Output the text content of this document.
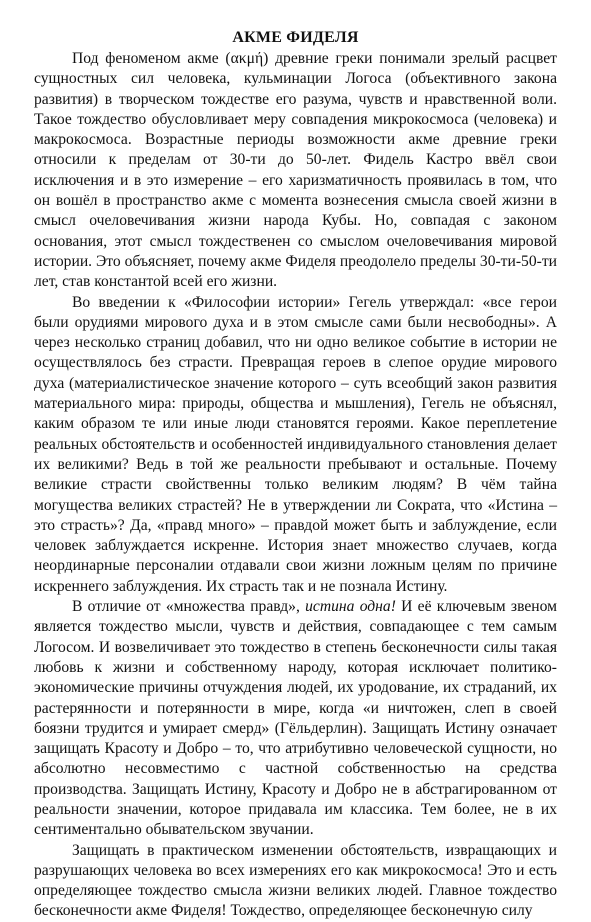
АКМЕ ФИДЕЛЯ

Под феноменом акме (ακμή) древние греки понимали зрелый расцвет сущностных сил человека, кульминации Логоса (объективного закона развития) в творческом тождестве его разума, чувств и нравственной воли. Такое тождество обусловливает меру совпадения микрокосмоса (человека) и макрокосмоса. Возрастные периоды возможности акме древние греки относили к пределам от 30-ти до 50-лет. Фидель Кастро ввёл свои исключения и в это измерение – его харизматичность проявилась в том, что он вошёл в пространство акме с момента вознесения смысла своей жизни в смысл очеловечивания жизни народа Кубы. Но, совпадая с законом основания, этот смысл тождественен со смыслом очеловечивания мировой истории. Это объясняет, почему акме Фиделя преодолело пределы 30-ти-50-ти лет, став константой всей его жизни.

Во введении к «Философии истории» Гегель утверждал: «все герои были орудиями мирового духа и в этом смысле сами были несвободны». А через несколько страниц добавил, что ни одно великое событие в истории не осуществлялось без страсти. Превращая героев в слепое орудие мирового духа (материалистическое значение которого – суть всеобщий закон развития материального мира: природы, общества и мышления), Гегель не объяснял, каким образом те или иные люди становятся героями. Какое переплетение реальных обстоятельств и особенностей индивидуального становления делает их великими? Ведь в той же реальности пребывают и остальные. Почему великие страсти свойственны только великим людям? В чём тайна могущества великих страстей? Не в утверждении ли Сократа, что «Истина – это страсть»? Да, «правд много» – правдой может быть и заблуждение, если человек заблуждается искренне. История знает множество случаев, когда неординарные персоналии отдавали свои жизни ложным целям по причине искреннего заблуждения. Их страсть так и не познала Истину.

В отличие от «множества правд», истина одна! И её ключевым звеном является тождество мысли, чувств и действия, совпадающее с тем самым Логосом. И возвеличивает это тождество в степень бесконечности силы такая любовь к жизни и собственному народу, которая исключает политико-экономические причины отчуждения людей, их уродование, их страданий, их растерянности и потерянности в мире, когда «и ничтожен, слеп в своей боязни трудится и умирает смерд» (Гёльдерлин). Защищать Истину означает защищать Красоту и Добро – то, что атрибутивно человеческой сущности, но абсолютно несовместимо с частной собственностью на средства производства. Защищать Истину, Красоту и Добро не в абстрагированном от реальности значении, которое придавала им классика. Тем более, не в их сентиментально обывательском звучании.

Защищать в практическом изменении обстоятельств, извращающих и разрушающих человека во всех измерениях его как микрокосмоса! Это и есть определяющее тождество смысла жизни великих людей. Главное тождество бесконечности акме Фиделя! Тождество, определяющее бесконечную силу
